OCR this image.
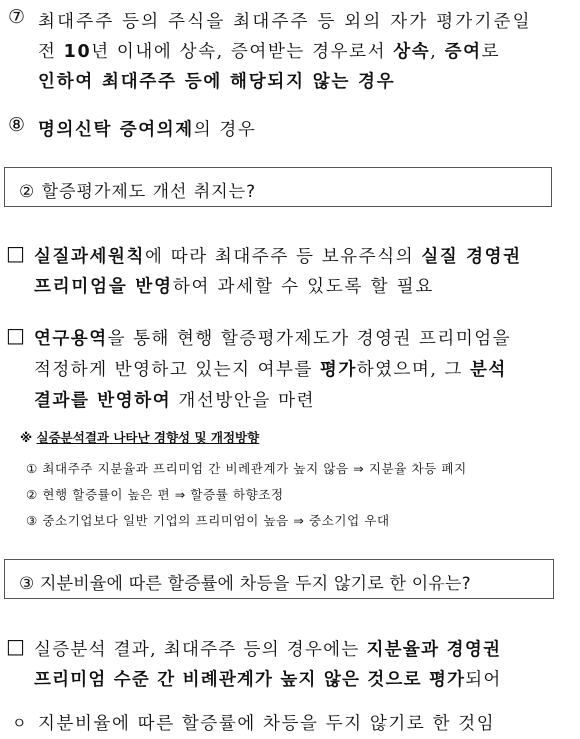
⑦ 최대주주 등의 주식을 최대주주 등 외의 자가 평가기준일
전 10년 이내에 상속, 증여받는 경우로서 상속, 증여로
인하여 최대주주 등에 해당되지 않는 경우
⑧ 명의신탁 증여의제의 경우
② 할증평가제도 개선 취지는?
□ 실질과세원칙에 따라 최대주주 등 보유주식의 실질 경영권
프리미엄을 반영하여 과세할 수 있도록 할 필요
□ 연구용역을 통해 현행 할증평가제도가 경영권 프리미엄을
적정하게 반영하고 있는지 여부를 평가하였으며, 그 분석
결과를 반영하여 개선방안을 마련
※ 실증분석결과 나타난 경향성 및 개정방향
① 최대주주 지분율과 프리미엄 간 비례관계가 높지 않음 ⇒ 지분율 차등 폐지
② 현행 할증률이 높은 편 ⇒ 할증률 하향조정
③ 중소기업보다 일반 기업의 프리미엄이 높음 ⇒ 중소기업 우대
③ 지분비율에 따른 할증률에 차등을 두지 않기로 한 이유는?
□ 실증분석 결과, 최대주주 등의 경우에는 지분율과 경영권
프리미엄 수준 간 비례관계가 높지 않은 것으로 평가되어
ㅇ 지분비율에 따른 할증률에 차등을 두지 않기로 한 것임
